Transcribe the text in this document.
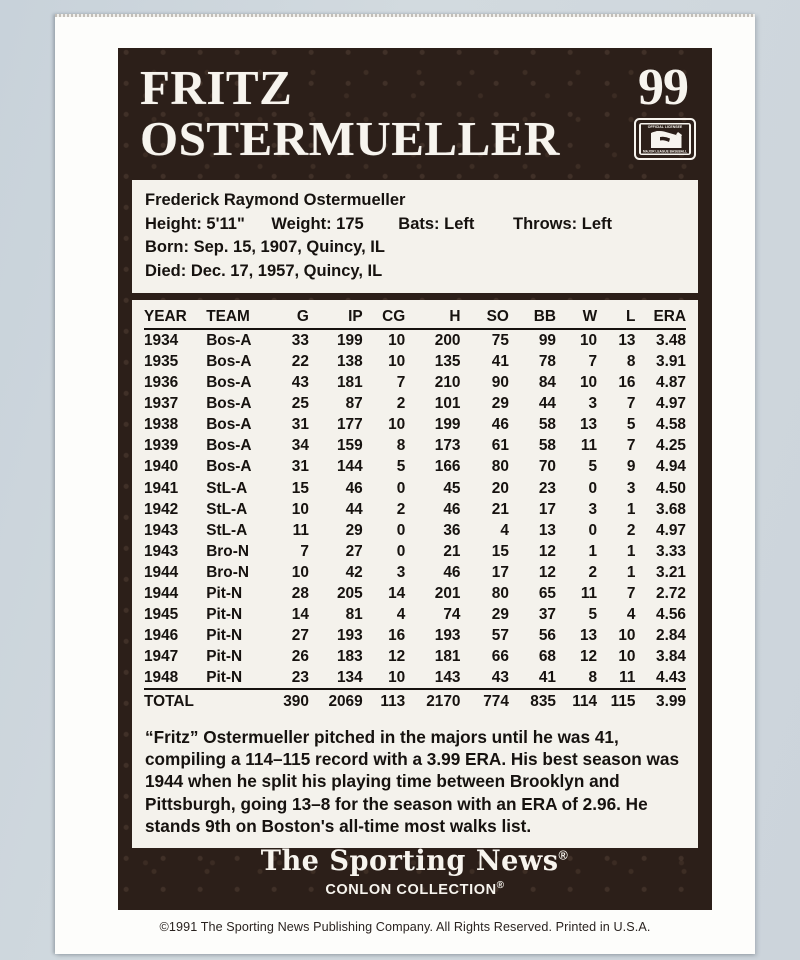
FRITZ
OSTERMUELLER
99
OFFICIAL LICENSEE
MAJOR LEAGUE BASEBALL
Frederick Raymond Ostermueller
Height: 5'11" Weight: 175 Bats: Left Throws: Left
Born: Sep. 15, 1907, Quincy, IL
Died: Dec. 17, 1957, Quincy, IL
YEAR	TEAM	G	IP	CG	H	SO	BB	W	L	ERA
1934	Bos-A	33	199	10	200	75	99	10	13	3.48
1935	Bos-A	22	138	10	135	41	78	7	8	3.91
1936	Bos-A	43	181	7	210	90	84	10	16	4.87
1937	Bos-A	25	87	2	101	29	44	3	7	4.97
1938	Bos-A	31	177	10	199	46	58	13	5	4.58
1939	Bos-A	34	159	8	173	61	58	11	7	4.25
1940	Bos-A	31	144	5	166	80	70	5	9	4.94
1941	StL-A	15	46	0	45	20	23	0	3	4.50
1942	StL-A	10	44	2	46	21	17	3	1	3.68
1943	StL-A	11	29	0	36	4	13	0	2	4.97
1943	Bro-N	7	27	0	21	15	12	1	1	3.33
1944	Bro-N	10	42	3	46	17	12	2	1	3.21
1944	Pit-N	28	205	14	201	80	65	11	7	2.72
1945	Pit-N	14	81	4	74	29	37	5	4	4.56
1946	Pit-N	27	193	16	193	57	56	13	10	2.84
1947	Pit-N	26	183	12	181	66	68	12	10	3.84
1948	Pit-N	23	134	10	143	43	41	8	11	4.43
TOTAL		390	2069	113	2170	774	835	114	115	3.99
“Fritz” Ostermueller pitched in the majors until he was 41, compiling a 114–115 record with a 3.99 ERA. His best season was 1944 when he split his playing time between Brooklyn and Pittsburgh, going 13–8 for the season with an ERA of 2.96. He stands 9th on Boston's all-time most walks list.
The Sporting News®
CONLON COLLECTION®
©1991 The Sporting News Publishing Company. All Rights Reserved. Printed in U.S.A.
